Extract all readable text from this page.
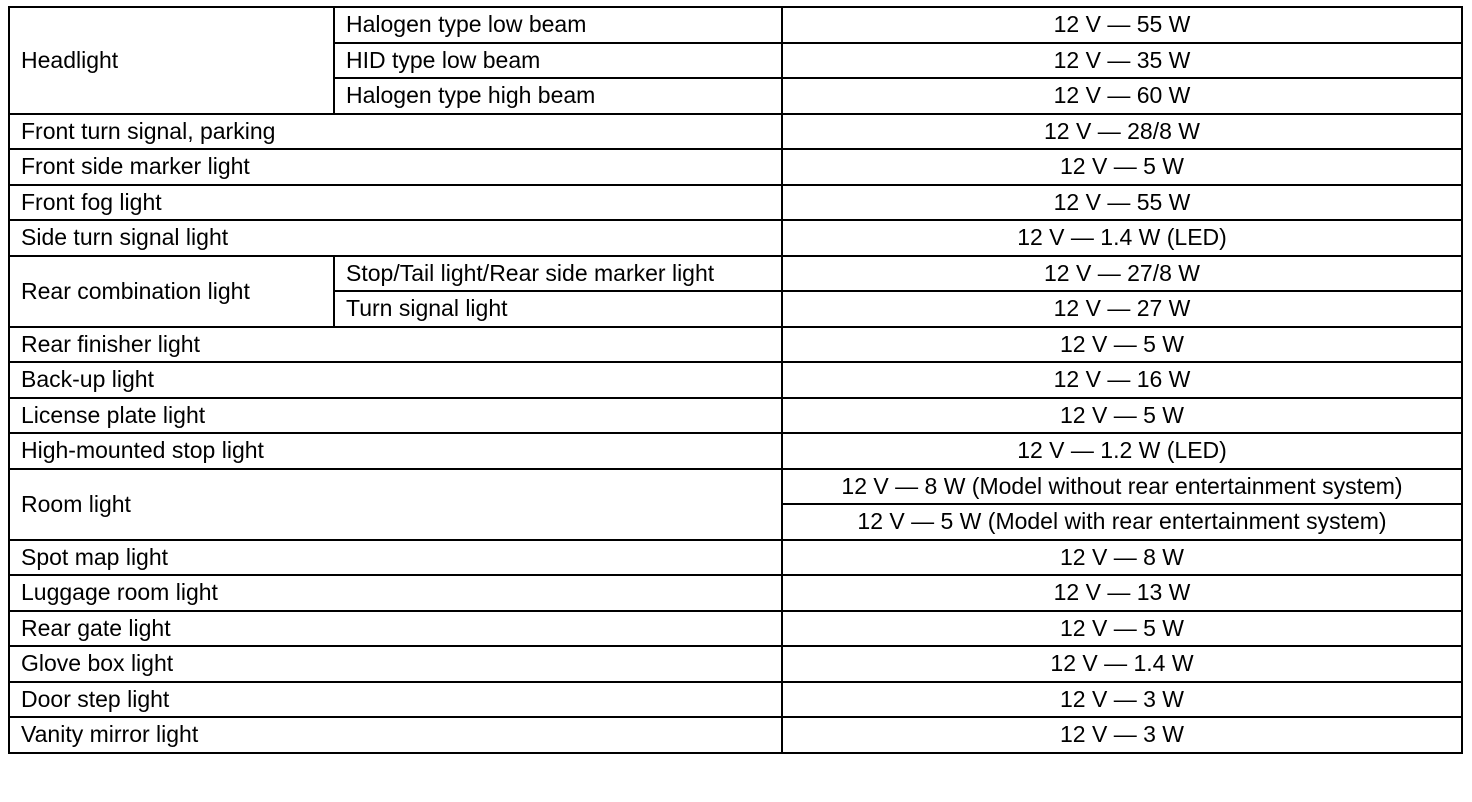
Headlight	Halogen type low beam	12 V — 55 W
	HID type low beam	12 V — 35 W
	Halogen type high beam	12 V — 60 W
Front turn signal, parking		12 V — 28/8 W
Front side marker light		12 V — 5 W
Front fog light		12 V — 55 W
Side turn signal light		12 V — 1.4 W (LED)
Rear combination light	Stop/Tail light/Rear side marker light	12 V — 27/8 W
	Turn signal light	12 V — 27 W
Rear finisher light		12 V — 5 W
Back-up light		12 V — 16 W
License plate light		12 V — 5 W
High-mounted stop light		12 V — 1.2 W (LED)
Room light		12 V — 8 W (Model without rear entertainment system)
		12 V — 5 W (Model with rear entertainment system)
Spot map light		12 V — 8 W
Luggage room light		12 V — 13 W
Rear gate light		12 V — 5 W
Glove box light		12 V — 1.4 W
Door step light		12 V — 3 W
Vanity mirror light		12 V — 3 W
